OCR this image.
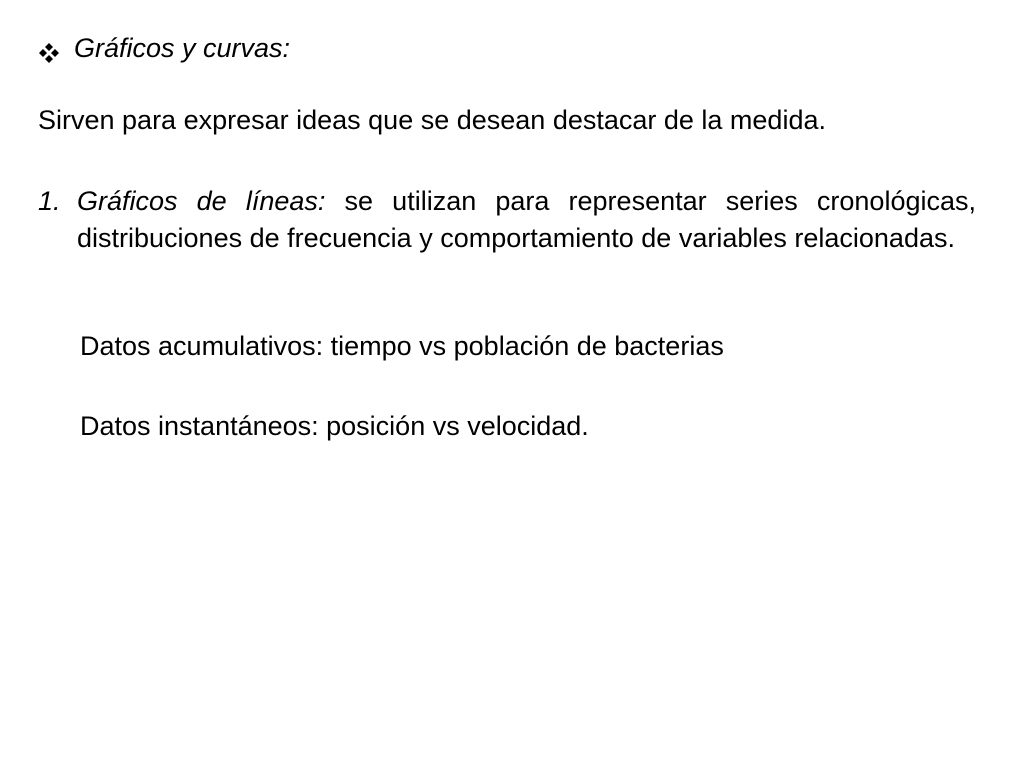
Gráficos y curvas:
Sirven para expresar ideas que se desean destacar de la medida.
1. Gráficos de líneas: se utilizan para representar series cronológicas, distribuciones de frecuencia y comportamiento de variables relacionadas.
Datos acumulativos: tiempo vs población de bacterias
Datos instantáneos: posición vs velocidad.
